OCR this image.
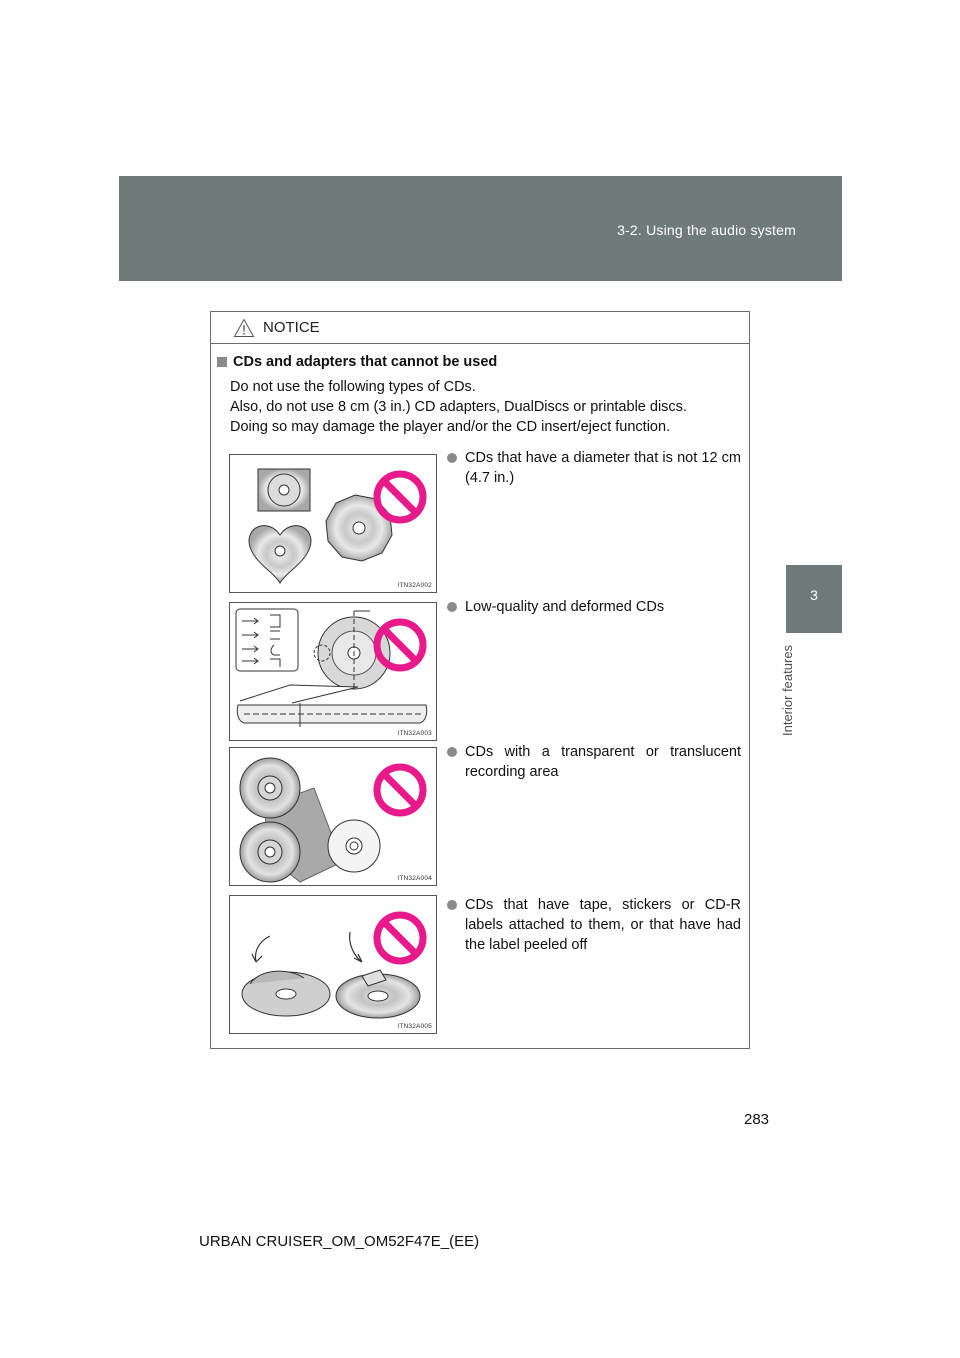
3-2. Using the audio system
3
Interior features
NOTICE
CDs and adapters that cannot be used
Do not use the following types of CDs.
Also, do not use 8 cm (3 in.) CD adapters, DualDiscs or printable discs.
Doing so may damage the player and/or the CD insert/eject function.
ITN32A002
CDs that have a diameter that is not 12 cm (4.7 in.)
ITN32A003
Low-quality and deformed CDs
ITN32A004
CDs with a transparent or translucent recording area
ITN32A005
CDs that have tape, stickers or CD-R labels attached to them, or that have had the label peeled off
283
URBAN CRUISER_OM_OM52F47E_(EE)
